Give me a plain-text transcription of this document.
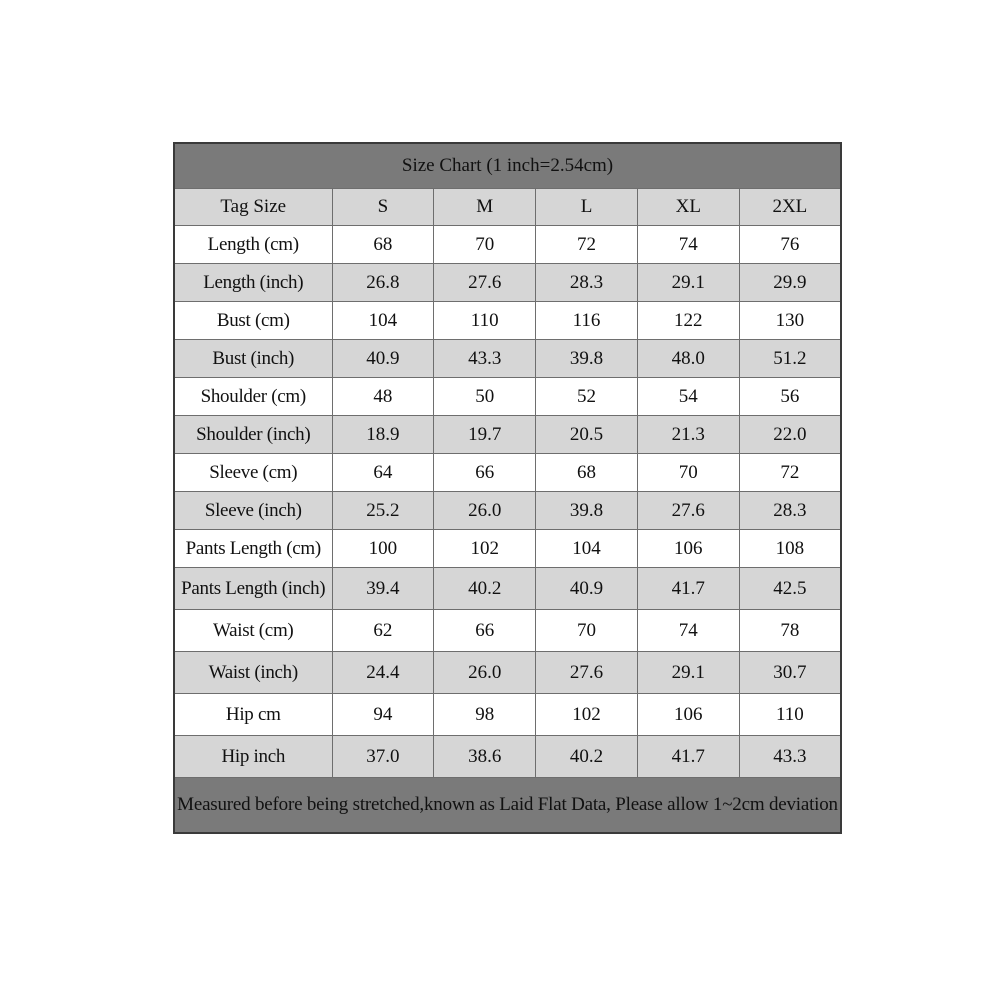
Size Chart (1 inch=2.54cm)					
Tag Size	S	M	L	XL	2XL
Length (cm)	68	70	72	74	76
Length (inch)	26.8	27.6	28.3	29.1	29.9
Bust (cm)	104	110	116	122	130
Bust (inch)	40.9	43.3	39.8	48.0	51.2
Shoulder (cm)	48	50	52	54	56
Shoulder (inch)	18.9	19.7	20.5	21.3	22.0
Sleeve (cm)	64	66	68	70	72
Sleeve (inch)	25.2	26.0	39.8	27.6	28.3
Pants Length (cm)	100	102	104	106	108
Pants Length (inch)	39.4	40.2	40.9	41.7	42.5
Waist (cm)	62	66	70	74	78
Waist (inch)	24.4	26.0	27.6	29.1	30.7
Hip cm	94	98	102	106	110
Hip inch	37.0	38.6	40.2	41.7	43.3
Measured before being stretched,known as Laid Flat Data, Please allow 1~2cm deviation					
